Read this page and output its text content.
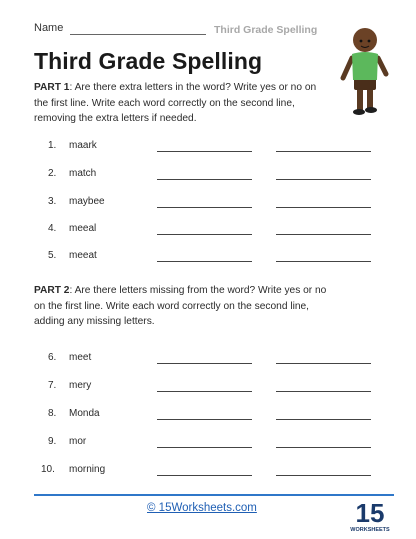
Name	Third Grade Spelling
Third Grade Spelling
PART 1: Are there extra letters in the word? Write yes or no on the first line. Write each word correctly on the second line, removing the extra letters if needed.
1. maark
2. match
3. maybee
4. meeal
5. meeat
PART 2: Are there letters missing from the word? Write yes or no on the first line. Write each word correctly on the second line, adding any missing letters.
6. meet
7. mery
8. Monda
9. mor
10. morning
© 15Worksheets.com	15
WORKSHEETS
